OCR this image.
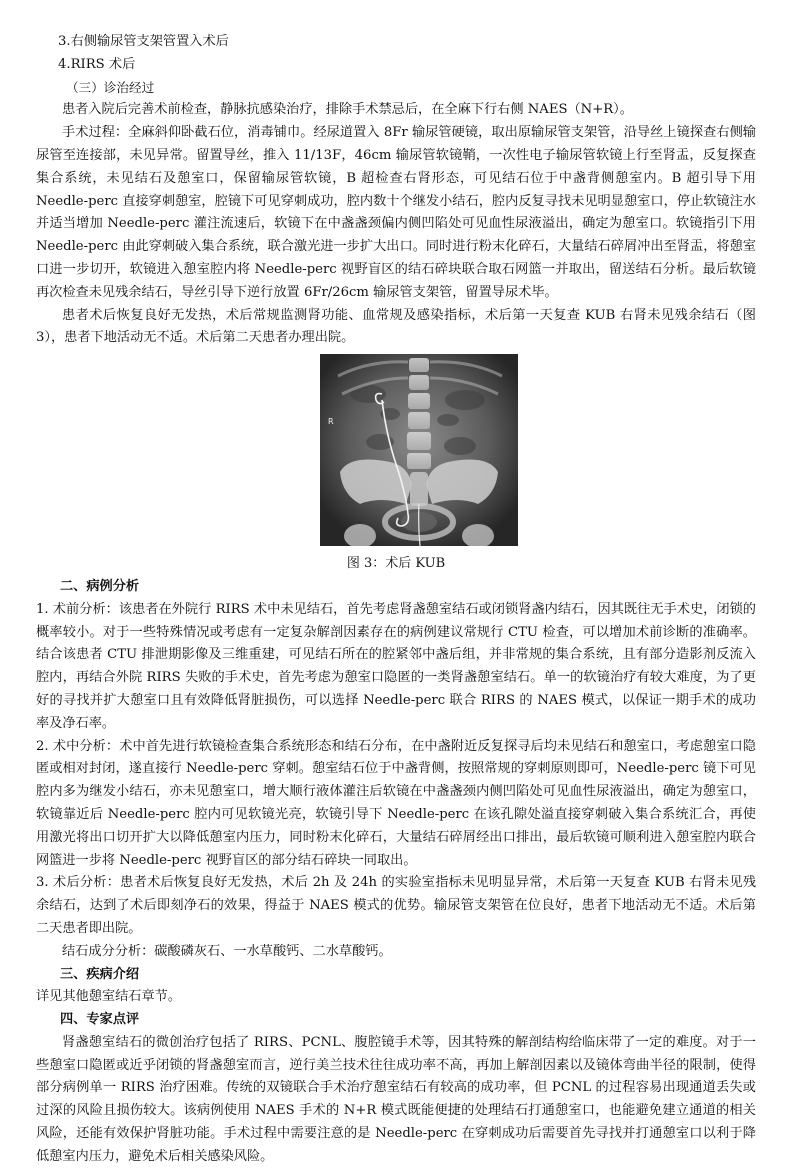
3.右侧输尿管支架管置入术后

4.RIRS 术后

（三）诊治经过

患者入院后完善术前检查，静脉抗感染治疗，排除手术禁忌后，在全麻下行右侧 NAES（N+R）。

手术过程：全麻斜仰卧截石位，消毒铺巾。经尿道置入 8Fr 输尿管硬镜，取出原输尿管支架管，沿导丝上镜探查右侧输尿管至连接部，未见异常。留置导丝，推入 11/13F，46cm 输尿管软镜鞘，一次性电子输尿管软镜上行至肾盂，反复探查集合系统，未见结石及憩室口，保留输尿管软镜，B 超检查右肾形态，可见结石位于中盏背侧憩室内。B 超引导下用 Needle-perc 直接穿刺憩室，腔镜下可见穿刺成功，腔内数十个继发小结石，腔内反复寻找未见明显憩室口，停止软镜注水并适当增加 Needle-perc 灌注流速后，软镜下在中盏盏颈偏内侧凹陷处可见血性尿液溢出，确定为憩室口。软镜指引下用 Needle-perc 由此穿刺破入集合系统，联合激光进一步扩大出口。同时进行粉末化碎石，大量结石碎屑冲出至肾盂，将憩室口进一步切开，软镜进入憩室腔内将 Needle-perc 视野盲区的结石碎块联合取石网篮一并取出，留送结石分析。最后软镜再次检查未见残余结石，导丝引导下逆行放置 6Fr/26cm 输尿管支架管，留置导尿术毕。

患者术后恢复良好无发热，术后常规监测肾功能、血常规及感染指标，术后第一天复查 KUB 右肾未见残余结石（图 3），患者下地活动无不适。术后第二天患者办理出院。

R

图 3：术后 KUB

二、病例分析

1. 术前分析：该患者在外院行 RIRS 术中未见结石，首先考虑肾盏憩室结石或闭锁肾盏内结石，因其既往无手术史，闭锁的概率较小。对于一些特殊情况或考虑有一定复杂解剖因素存在的病例建议常规行 CTU 检查，可以增加术前诊断的准确率。结合该患者 CTU 排泄期影像及三维重建，可见结石所在的腔紧邻中盏后组，并非常规的集合系统，且有部分造影剂反流入腔内，再结合外院 RIRS 失败的手术史，首先考虑为憩室口隐匿的一类肾盏憩室结石。单一的软镜治疗有较大难度，为了更好的寻找并扩大憩室口且有效降低肾脏损伤，可以选择 Needle-perc 联合 RIRS 的 NAES 模式，以保证一期手术的成功率及净石率。

2. 术中分析：术中首先进行软镜检查集合系统形态和结石分布，在中盏附近反复探寻后均未见结石和憩室口，考虑憩室口隐匿或相对封闭，遂直接行 Needle-perc 穿刺。憩室结石位于中盏背侧，按照常规的穿刺原则即可，Needle-perc 镜下可见腔内多为继发小结石，亦未见憩室口，增大顺行液体灌注后软镜在中盏盏颈内侧凹陷处可见血性尿液溢出，确定为憩室口，软镜靠近后 Needle-perc 腔内可见软镜光亮，软镜引导下 Needle-perc 在该孔隙处溢直接穿刺破入集合系统汇合，再使用激光将出口切开扩大以降低憩室内压力，同时粉末化碎石，大量结石碎屑经出口排出，最后软镜可顺利进入憩室腔内联合网篮进一步将 Needle-perc 视野盲区的部分结石碎块一同取出。

3. 术后分析：患者术后恢复良好无发热，术后 2h 及 24h 的实验室指标未见明显异常，术后第一天复查 KUB 右肾未见残余结石，达到了术后即刻净石的效果，得益于 NAES 模式的优势。输尿管支架管在位良好，患者下地活动无不适。术后第二天患者即出院。

结石成分分析：碳酸磷灰石、一水草酸钙、二水草酸钙。

三、疾病介绍

详见其他憩室结石章节。

四、专家点评

肾盏憩室结石的微创治疗包括了 RIRS、PCNL、腹腔镜手术等，因其特殊的解剖结构给临床带了一定的难度。对于一些憩室口隐匿或近乎闭锁的肾盏憩室而言，逆行美兰技术往往成功率不高，再加上解剖因素以及镜体弯曲半径的限制，使得部分病例单一 RIRS 治疗困难。传统的双镜联合手术治疗憩室结石有较高的成功率，但 PCNL 的过程容易出现通道丢失或过深的风险且损伤较大。该病例使用 NAES 手术的 N+R 模式既能便捷的处理结石打通憩室口，也能避免建立通道的相关风险，还能有效保护肾脏功能。手术过程中需要注意的是 Needle-perc 在穿刺成功后需要首先寻找并打通憩室口以利于降低憩室内压力，避免术后相关感染风险。
